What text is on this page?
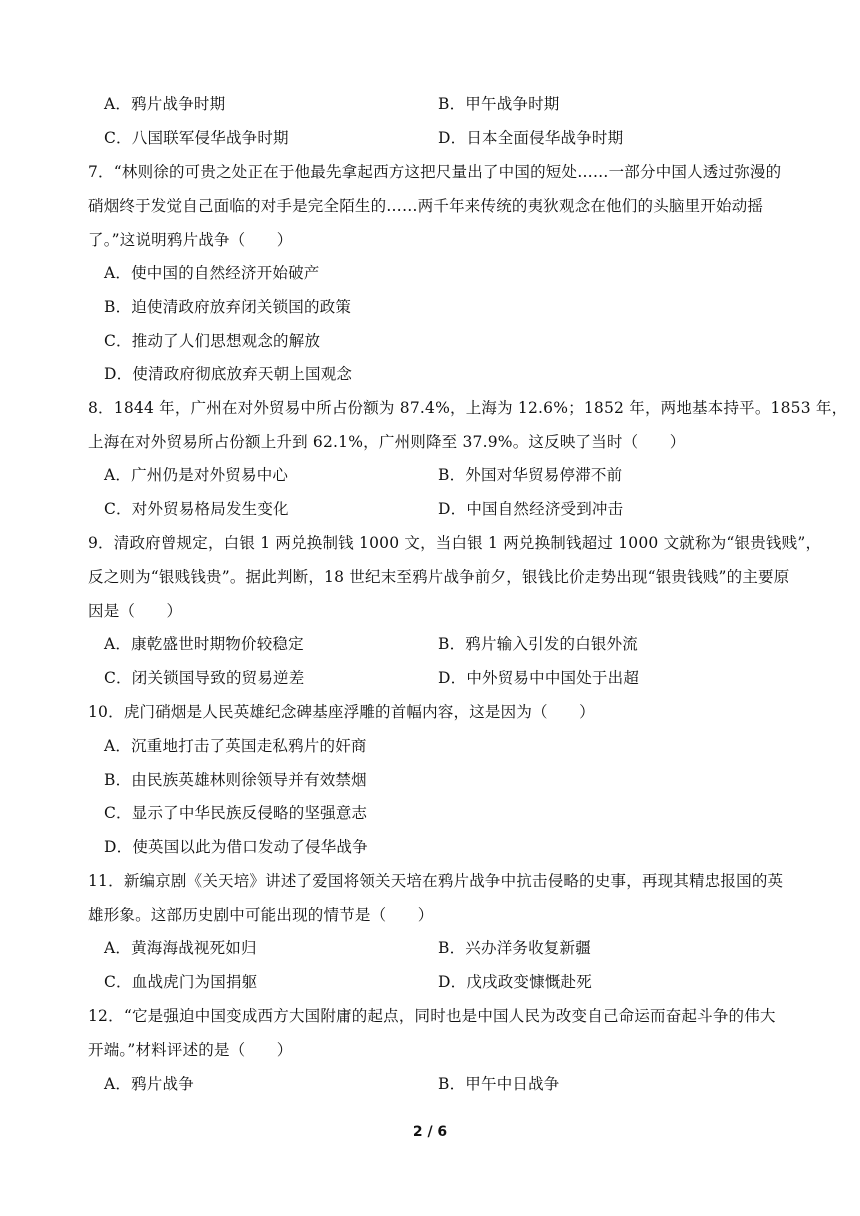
A．鸦片战争时期	B．甲午战争时期
C．八国联军侵华战争时期	D．日本全面侵华战争时期
7．“林则徐的可贵之处正在于他最先拿起西方这把尺量出了中国的短处……一部分中国人透过弥漫的
硝烟终于发觉自己面临的对手是完全陌生的……两千年来传统的夷狄观念在他们的头脑里开始动摇
了。”这说明鸦片战争（　　）
A．使中国的自然经济开始破产
B．迫使清政府放弃闭关锁国的政策
C．推动了人们思想观念的解放
D．使清政府彻底放弃天朝上国观念
8．1844 年，广州在对外贸易中所占份额为 87.4%，上海为 12.6%；1852 年，两地基本持平。1853 年，
上海在对外贸易所占份额上升到 62.1%，广州则降至 37.9%。这反映了当时（　　）
A．广州仍是对外贸易中心	B．外国对华贸易停滞不前
C．对外贸易格局发生变化	D．中国自然经济受到冲击
9．清政府曾规定，白银 1 两兑换制钱 1000 文，当白银 1 两兑换制钱超过 1000 文就称为“银贵钱贱”，
反之则为“银贱钱贵”。据此判断，18 世纪末至鸦片战争前夕，银钱比价走势出现“银贵钱贱”的主要原
因是（　　）
A．康乾盛世时期物价较稳定	B．鸦片输入引发的白银外流
C．闭关锁国导致的贸易逆差	D．中外贸易中中国处于出超
10．虎门硝烟是人民英雄纪念碑基座浮雕的首幅内容，这是因为（　　）
A．沉重地打击了英国走私鸦片的奸商
B．由民族英雄林则徐领导并有效禁烟
C．显示了中华民族反侵略的坚强意志
D．使英国以此为借口发动了侵华战争
11．新编京剧《关天培》讲述了爱国将领关天培在鸦片战争中抗击侵略的史事，再现其精忠报国的英
雄形象。这部历史剧中可能出现的情节是（　　）
A．黄海海战视死如归	B．兴办洋务收复新疆
C．血战虎门为国捐躯	D．戊戌政变慷慨赴死
12．“它是强迫中国变成西方大国附庸的起点，同时也是中国人民为改变自己命运而奋起斗争的伟大
开端。”材料评述的是（　　）
A．鸦片战争	B．甲午中日战争
2 / 6
